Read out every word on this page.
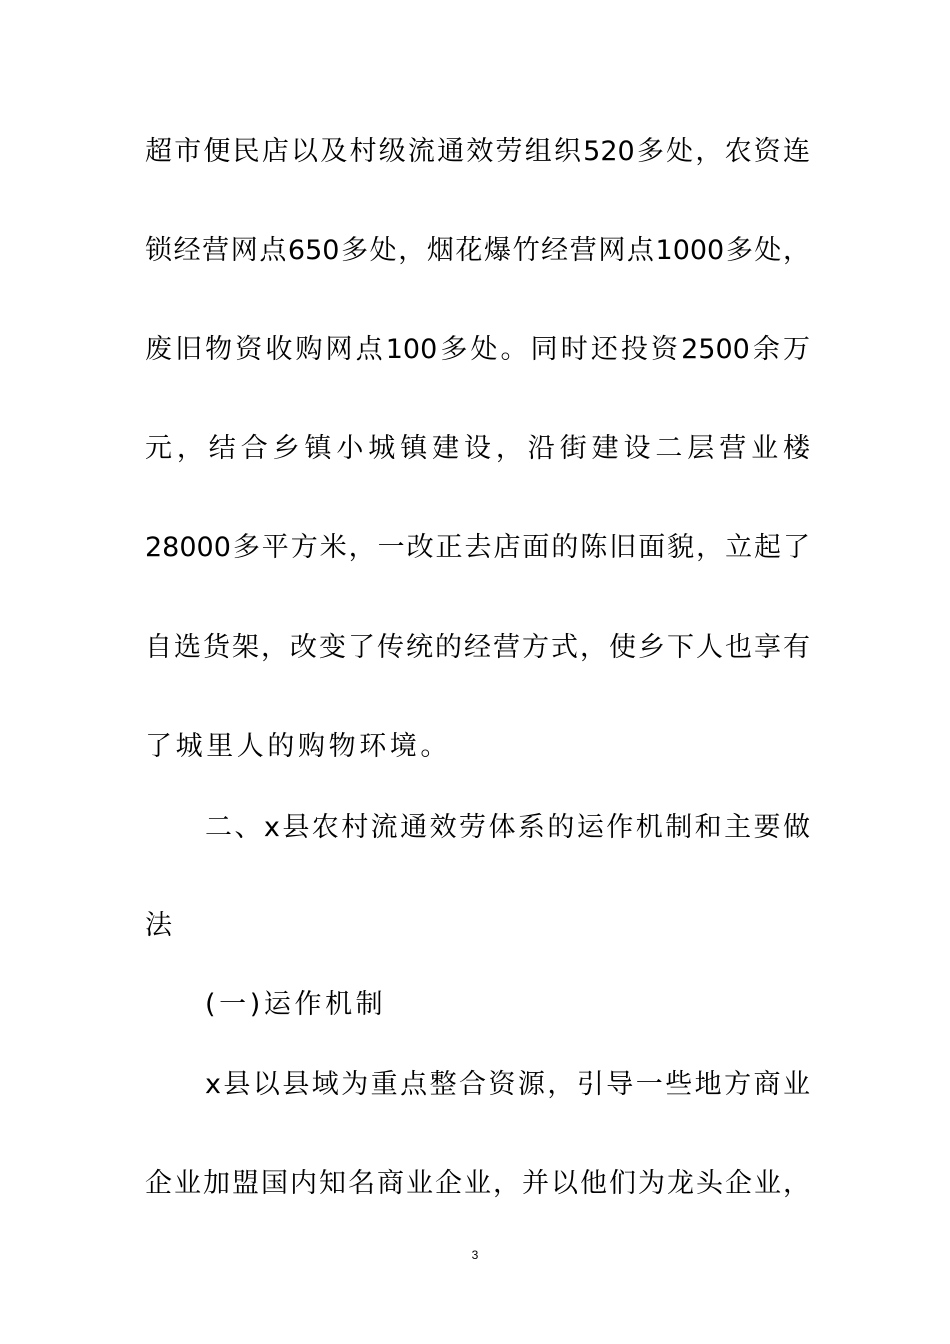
超市便民店以及村级流通效劳组织520多处，农资连
锁经营网点650多处，烟花爆竹经营网点1000多处，
废旧物资收购网点100多处。同时还投资2500余万
元，结合乡镇小城镇建设，沿街建设二层营业楼
28000多平方米，一改正去店面的陈旧面貌，立起了
自选货架，改变了传统的经营方式，使乡下人也享有
了城里人的购物环境。
二、x县农村流通效劳体系的运作机制和主要做
法
(一)运作机制
x县以县域为重点整合资源，引导一些地方商业
企业加盟国内知名商业企业，并以他们为龙头企业，
3
